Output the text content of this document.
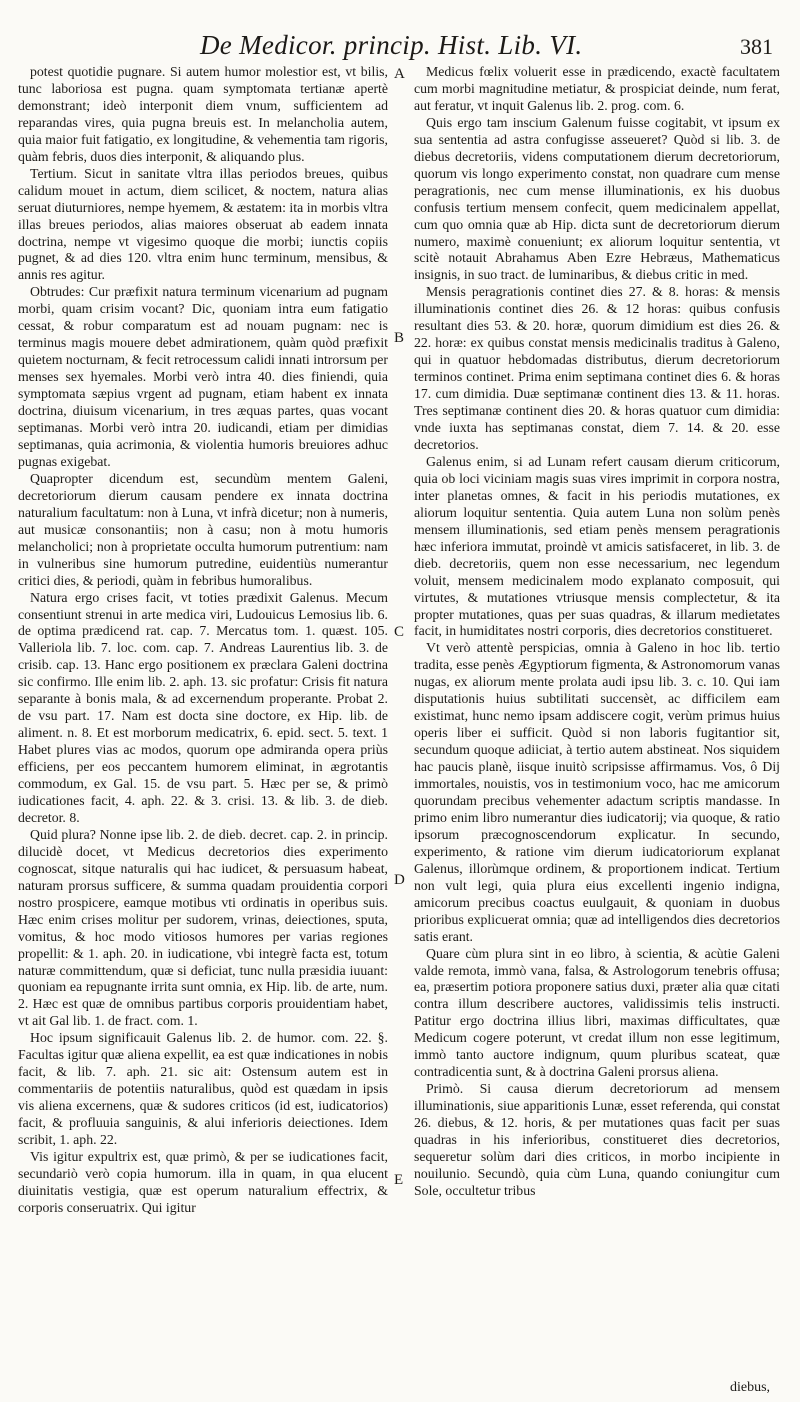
De Medicor. princip. Hist. Lib. VI.	381

potest quotidie pugnare. Si autem humor molestior est, vt bilis, tunc laboriosa est pugna. quam symptomata tertianæ apertè demonstrant; ideò interponit diem vnum, sufficientem ad reparandas vires, quia pugna breuis est. In melancholia autem, quia maior fuit fatigatio, ex longitudine, & vehementia tam rigoris, quàm febris, duos dies interponit, & aliquando plus.

Tertium. Sicut in sanitate vltra illas periodos breues, quibus calidum mouet in actum, diem scilicet, & noctem, natura alias seruat diuturniores, nempe hyemem, & æstatem: ita in morbis vltra illas breues periodos, alias maiores obseruat ab eadem innata doctrina, nempe vt vigesimo quoque die morbi; iunctis copiis pugnet, & ad dies 120. vltra enim hunc terminum, mensibus, & annis res agitur.

Obtrudes: Cur præfixit natura terminum vicenarium ad pugnam morbi, quam crisim vocant? Dic, quoniam intra eum fatigatio cessat, & robur comparatum est ad nouam pugnam: nec is terminus magis mouere debet admirationem, quàm quòd præfixit quietem nocturnam, & fecit retrocessum calidi innati introrsum per menses sex hyemales. Morbi verò intra 40. dies finiendi, quia symptomata sæpius vrgent ad pugnam, etiam habent ex innata doctrina, diuisum vicenarium, in tres æquas partes, quas vocant septimanas. Morbi verò intra 20. iudicandi, etiam per dimidias septimanas, quia acrimonia, & violentia humoris breuiores adhuc pugnas exigebat.

Quapropter dicendum est, secundùm mentem Galeni, decretoriorum dierum causam pendere ex innata doctrina naturalium facultatum: non à Luna, vt infrà dicetur; non à numeris, aut musicæ consonantiis; non à casu; non à motu humoris melancholici; non à proprietate occulta humorum putrentium: nam in vulneribus sine humorum putredine, euidentiùs numerantur critici dies, & periodi, quàm in febribus humoralibus.

Natura ergo crises facit, vt toties prædixit Galenus. Mecum consentiunt strenui in arte medica viri, Ludouicus Lemosius lib. 6. de optima prædicend rat. cap. 7. Mercatus tom. 1. quæst. 105. Valleriola lib. 7. loc. com. cap. 7. Andreas Laurentius lib. 3. de crisib. cap. 13. Hanc ergo positionem ex præclara Galeni doctrina sic confirmo. Ille enim lib. 2. aph. 13. sic profatur: Crisis fit natura separante à bonis mala, & ad excernendum properante. Probat 2. de vsu part. 17. Nam est docta sine doctore, ex Hip. lib. de aliment. n. 8. Et est morborum medicatrix, 6. epid. sect. 5. text. 1 Habet plures vias ac modos, quorum ope admiranda opera priùs efficiens, per eos peccantem humorem eliminat, in ægrotantis commodum, ex Gal. 15. de vsu part. 5. Hæc per se, & primò iudicationes facit, 4. aph. 22. & 3. crisi. 13. & lib. 3. de dieb. decretor. 8.

Quid plura? Nonne ipse lib. 2. de dieb. decret. cap. 2. in princip. dilucidè docet, vt Medicus decretorios dies experimento cognoscat, sitque naturalis qui hac iudicet, & persuasum habeat, naturam prorsus sufficere, & summa quadam prouidentia corpori nostro prospicere, eamque motibus vti ordinatis in operibus suis. Hæc enim crises molitur per sudorem, vrinas, deiectiones, sputa, vomitus, & hoc modo vitiosos humores per varias regiones propellit: & 1. aph. 20. in iudicatione, vbi integrè facta est, totum naturæ committendum, quæ si deficiat, tunc nulla præsidia iuuant: quoniam ea repugnante irrita sunt omnia, ex Hip. lib. de arte, num. 2. Hæc est quæ de omnibus partibus corporis prouidentiam habet, vt ait Gal lib. 1. de fract. com. 1.

Hoc ipsum significauit Galenus lib. 2. de humor. com. 22. §. Facultas igitur quæ aliena expellit, ea est quæ indicationes in nobis facit, & lib. 7. aph. 21. sic ait: Ostensum autem est in commentariis de potentiis naturalibus, quòd est quædam in ipsis vis aliena excernens, quæ & sudores criticos (id est, iudicatorios) facit, & profluuia sanguinis, & alui inferioris deiectiones. Idem scribit, 1. aph. 22.

Vis igitur expultrix est, quæ primò, & per se iudicationes facit, secundariò verò copia humorum. illa in quam, in qua elucent diuinitatis vestigia, quæ est operum naturalium effectrix, & corporis conseruatrix. Qui igitur

Medicus fœlix voluerit esse in prædicendo, exactè facultatem cum morbi magnitudine metiatur, & prospiciat deinde, num ferat, aut feratur, vt inquit Galenus lib. 2. prog. com. 6.

Quis ergo tam inscium Galenum fuisse cogitabit, vt ipsum ex sua sententia ad astra confugisse asseueret? Quòd si lib. 3. de diebus decretoriis, videns computationem dierum decretoriorum, quorum vis longo experimento constat, non quadrare cum mense peragrationis, nec cum mense illuminationis, ex his duobus confusis tertium mensem confecit, quem medicinalem appellat, cum quo omnia quæ ab Hip. dicta sunt de decretoriorum dierum numero, maximè conueniunt; ex aliorum loquitur sententia, vt scitè notauit Abrahamus Aben Ezre Hebræus, Mathematicus insignis, in suo tract. de luminaribus, & diebus critic in med.

Mensis peragrationis continet dies 27. & 8. horas: & mensis illuminationis continet dies 26. & 12 horas: quibus confusis resultant dies 53. & 20. horæ, quorum dimidium est dies 26. & 22. horæ: ex quibus constat mensis medicinalis traditus à Galeno, qui in quatuor hebdomadas distributus, dierum decretoriorum terminos continet. Prima enim septimana continet dies 6. & horas 17. cum dimidia. Duæ septimanæ continent dies 13. & 11. horas. Tres septimanæ continent dies 20. & horas quatuor cum dimidia: vnde iuxta has septimanas constat, diem 7. 14. & 20. esse decretorios.

Galenus enim, si ad Lunam refert causam dierum criticorum, quia ob loci viciniam magis suas vires imprimit in corpora nostra, inter planetas omnes, & facit in his periodis mutationes, ex aliorum loquitur sententia. Quia autem Luna non solùm penès mensem illuminationis, sed etiam penès mensem peragrationis hæc inferiora immutat, proindè vt amicis satisfaceret, in lib. 3. de dieb. decretoriis, quem non esse necessarium, nec legendum voluit, mensem medicinalem modo explanato composuit, qui virtutes, & mutationes vtriusque mensis complectetur, & ita propter mutationes, quas per suas quadras, & illarum medietates facit, in humiditates nostri corporis, dies decretorios constitueret.

Vt verò attentè perspicias, omnia à Galeno in hoc lib. tertio tradita, esse penès Ægyptiorum figmenta, & Astronomorum vanas nugas, ex aliorum mente prolata audi ipsu lib. 3. c. 10. Qui iam disputationis huius subtilitati succensèt, ac difficilem eam existimat, hunc nemo ipsam addiscere cogit, verùm primus huius operis liber ei sufficit. Quòd si non laboris fugitantior sit, secundum quoque adiiciat, à tertio autem abstineat. Nos siquidem hac paucis planè, iisque inuitò scripsisse affirmamus. Vos, ô Dij immortales, nouistis, vos in testimonium voco, hac me amicorum quorundam precibus vehementer adactum scriptis mandasse. In primo enim libro numerantur dies iudicatorij; via quoque, & ratio ipsorum præcognoscendorum explicatur. In secundo, experimento, & ratione vim dierum iudicatoriorum explanat Galenus, illorùmque ordinem, & proportionem indicat. Tertium non vult legi, quia plura eius excellenti ingenio indigna, amicorum precibus coactus euulgauit, & quoniam in duobus prioribus explicuerat omnia; quæ ad intelligendos dies decretorios satis erant.

Quare cùm plura sint in eo libro, à scientia, & acùtie Galeni valde remota, immò vana, falsa, & Astrologorum tenebris offusa; ea, præsertim potiora proponere satius duxi, præter alia quæ citati contra illum describere auctores, validissimis telis instructi. Patitur ergo doctrina illius libri, maximas difficultates, quæ Medicum cogere poterunt, vt credat illum non esse legitimum, immò tanto auctore indignum, quum pluribus scateat, quæ contradicentia sunt, & à doctrina Galeni prorsus aliena.

Primò. Si causa dierum decretoriorum ad mensem illuminationis, siue apparitionis Lunæ, esset referenda, qui constat 26. diebus, & 12. horis, & per mutationes quas facit per suas quadras in his inferioribus, constitueret dies decretorios, sequeretur solùm dari dies criticos, in morbo incipiente in nouilunio. Secundò, quia cùm Luna, quando coniungitur cum Sole, occultetur tribus

A
B
C
D
E
diebus,
